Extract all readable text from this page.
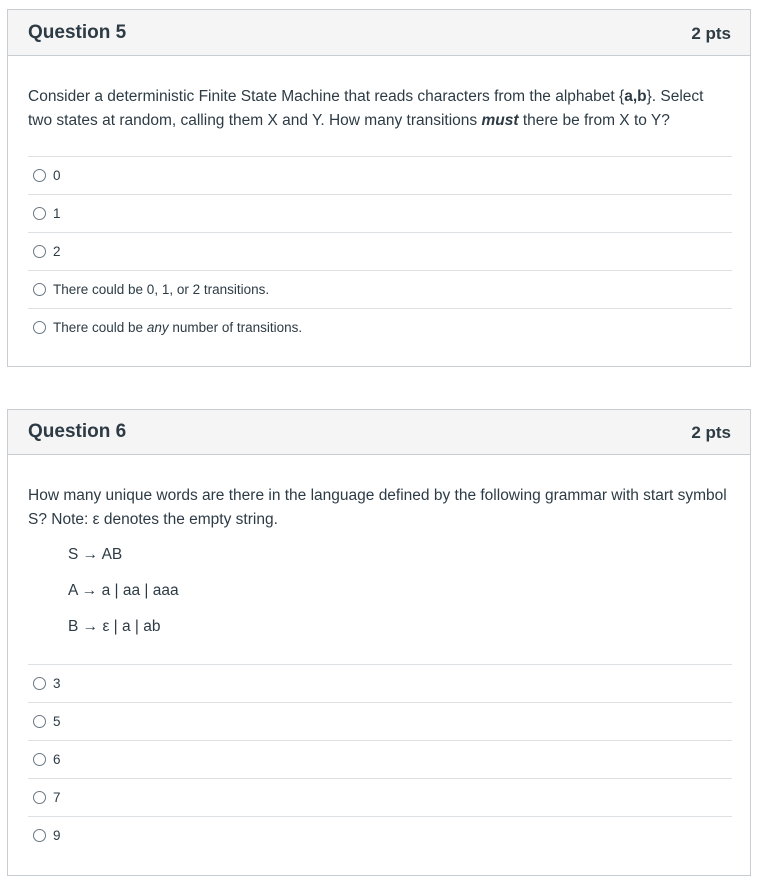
Question 5	2 pts
Consider a deterministic Finite State Machine that reads characters from the alphabet {a,b}. Select two states at random, calling them X and Y. How many transitions must there be from X to Y?
0
1
2
There could be 0, 1, or 2 transitions.
There could be any number of transitions.
Question 6	2 pts
How many unique words are there in the language defined by the following grammar with start symbol S? Note: ε denotes the empty string.
S → AB
A → a | aa | aaa
B → ε | a | ab
3
5
6
7
9
